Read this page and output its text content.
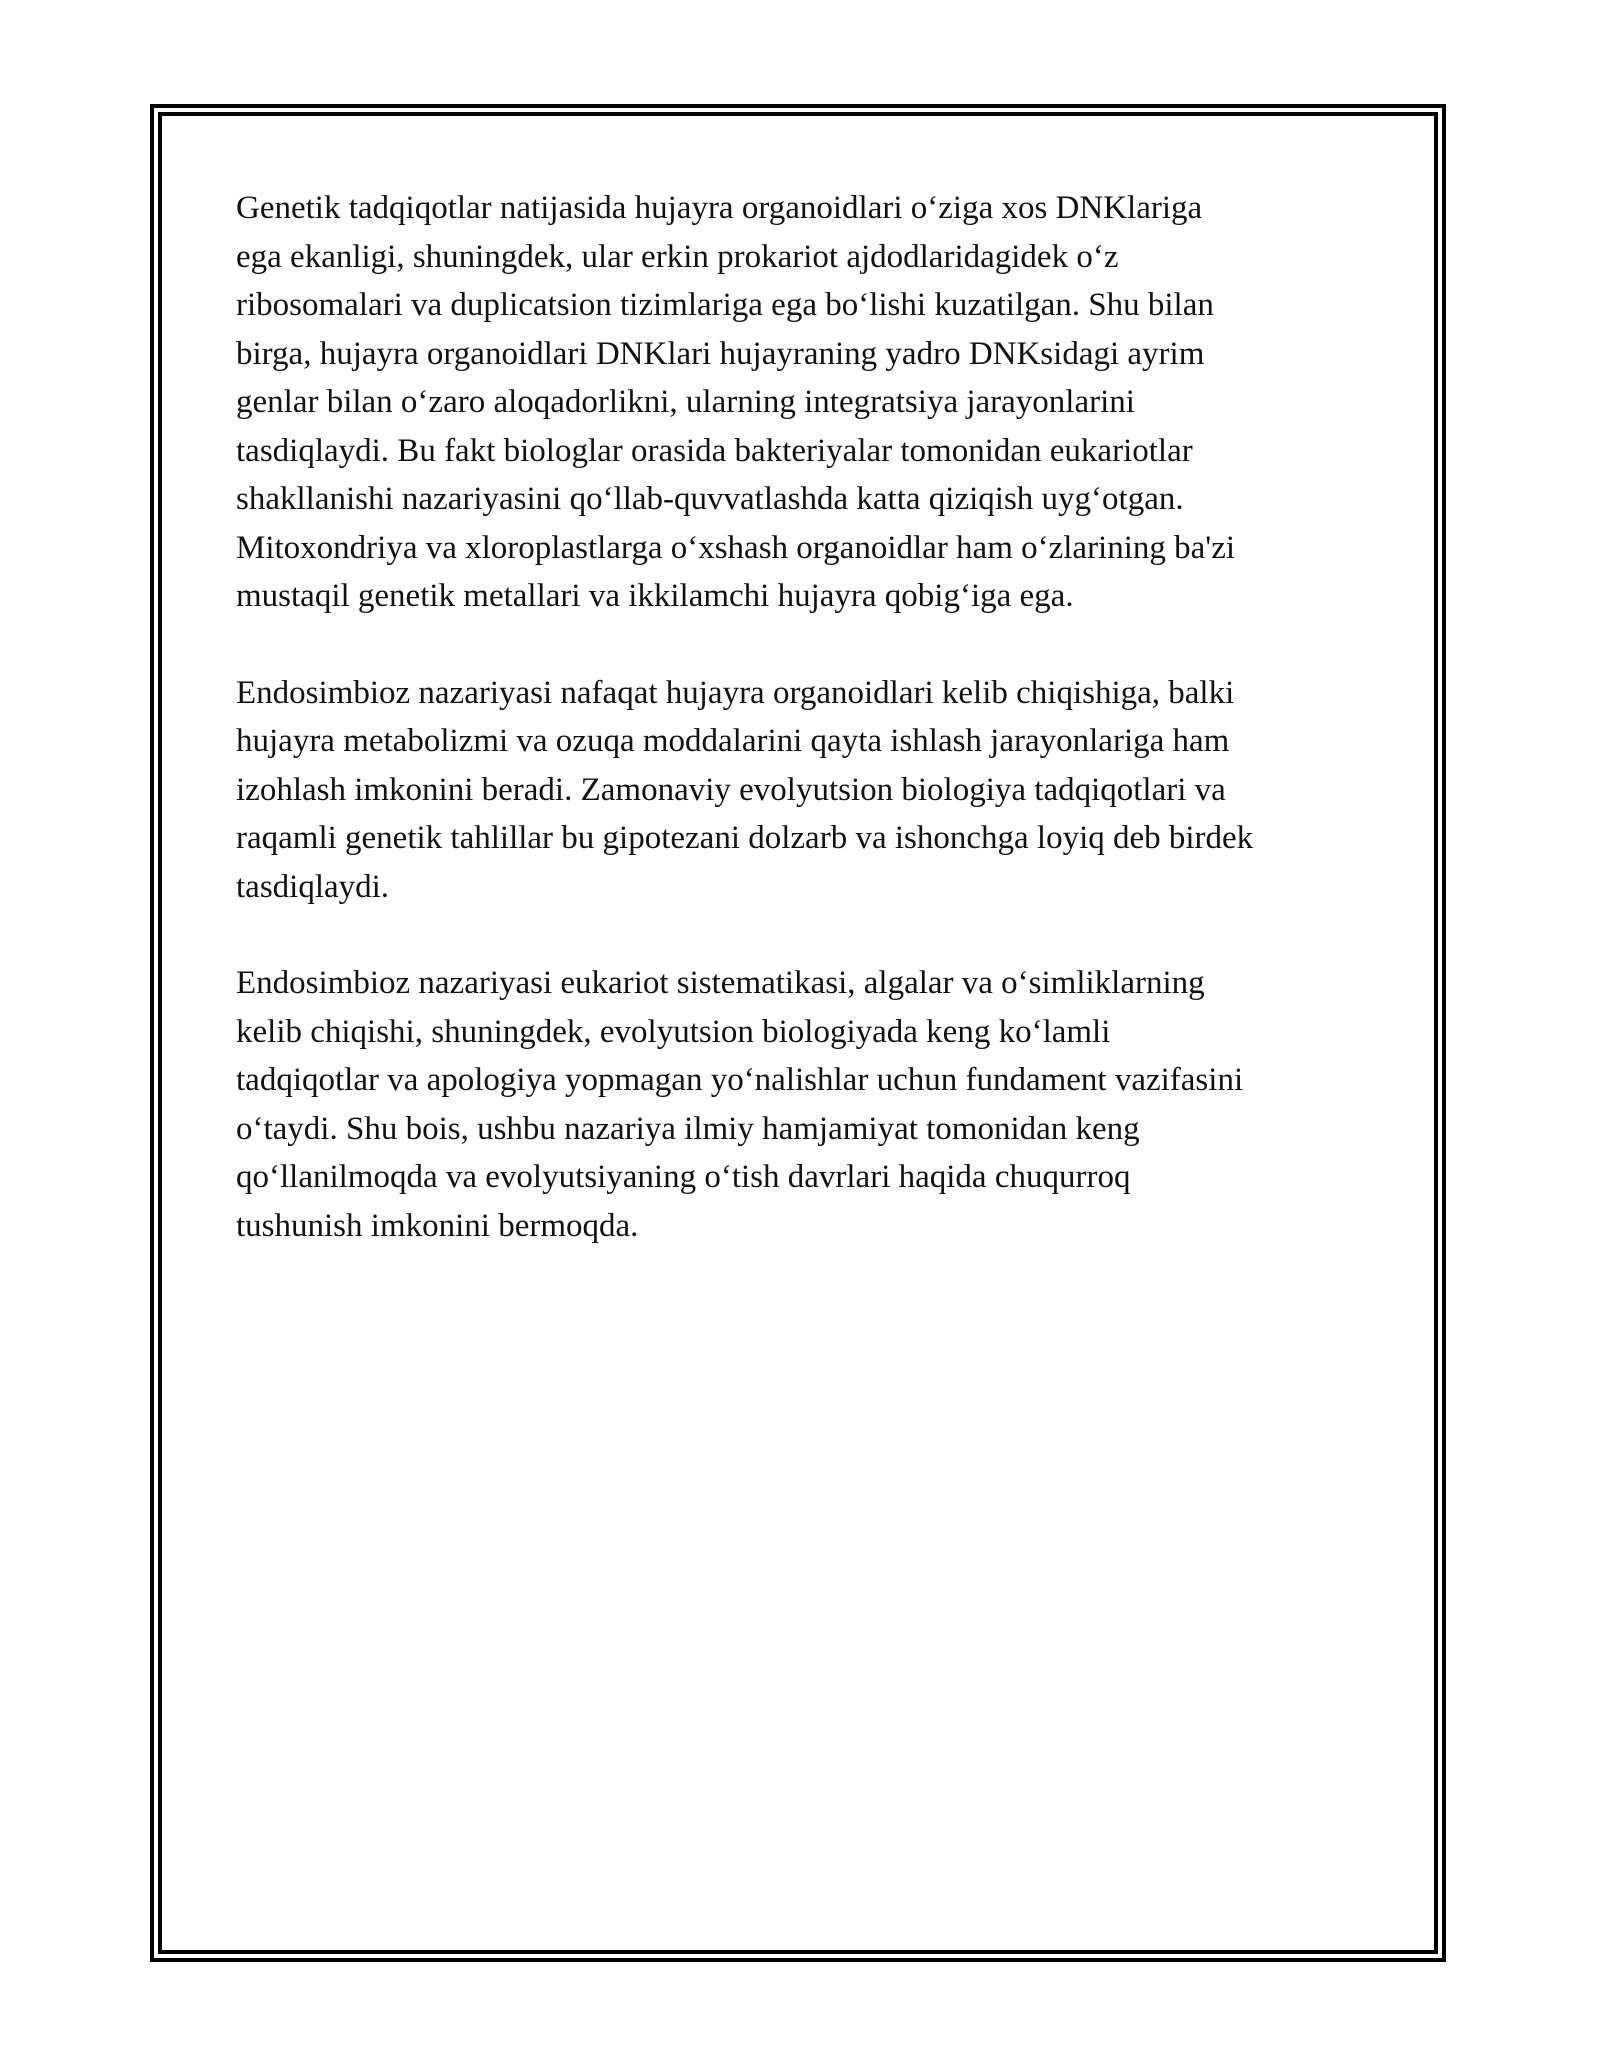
Genetik tadqiqotlar natijasida hujayra organoidlari o‘ziga xos DNKlariga
ega ekanligi, shuningdek, ular erkin prokariot ajdodlaridagidek o‘z
ribosomalari va duplicatsion tizimlariga ega bo‘lishi kuzatilgan. Shu bilan
birga, hujayra organoidlari DNKlari hujayraning yadro DNKsidagi ayrim
genlar bilan o‘zaro aloqadorlikni, ularning integratsiya jarayonlarini
tasdiqlaydi. Bu fakt biologlar orasida bakteriyalar tomonidan eukariotlar
shakllanishi nazariyasini qo‘llab-quvvatlashda katta qiziqish uyg‘otgan.
Mitoxondriya va xloroplastlarga o‘xshash organoidlar ham o‘zlarining ba'zi
mustaqil genetik metallari va ikkilamchi hujayra qobig‘iga ega.

Endosimbioz nazariyasi nafaqat hujayra organoidlari kelib chiqishiga, balki
hujayra metabolizmi va ozuqa moddalarini qayta ishlash jarayonlariga ham
izohlash imkonini beradi. Zamonaviy evolyutsion biologiya tadqiqotlari va
raqamli genetik tahlillar bu gipotezani dolzarb va ishonchga loyiq deb birdek
tasdiqlaydi.

Endosimbioz nazariyasi eukariot sistematikasi, algalar va o‘simliklarning
kelib chiqishi, shuningdek, evolyutsion biologiyada keng ko‘lamli
tadqiqotlar va apologiya yopmagan yo‘nalishlar uchun fundament vazifasini
o‘taydi. Shu bois, ushbu nazariya ilmiy hamjamiyat tomonidan keng
qo‘llanilmoqda va evolyutsiyaning o‘tish davrlari haqida chuqurroq
tushunish imkonini bermoqda.
